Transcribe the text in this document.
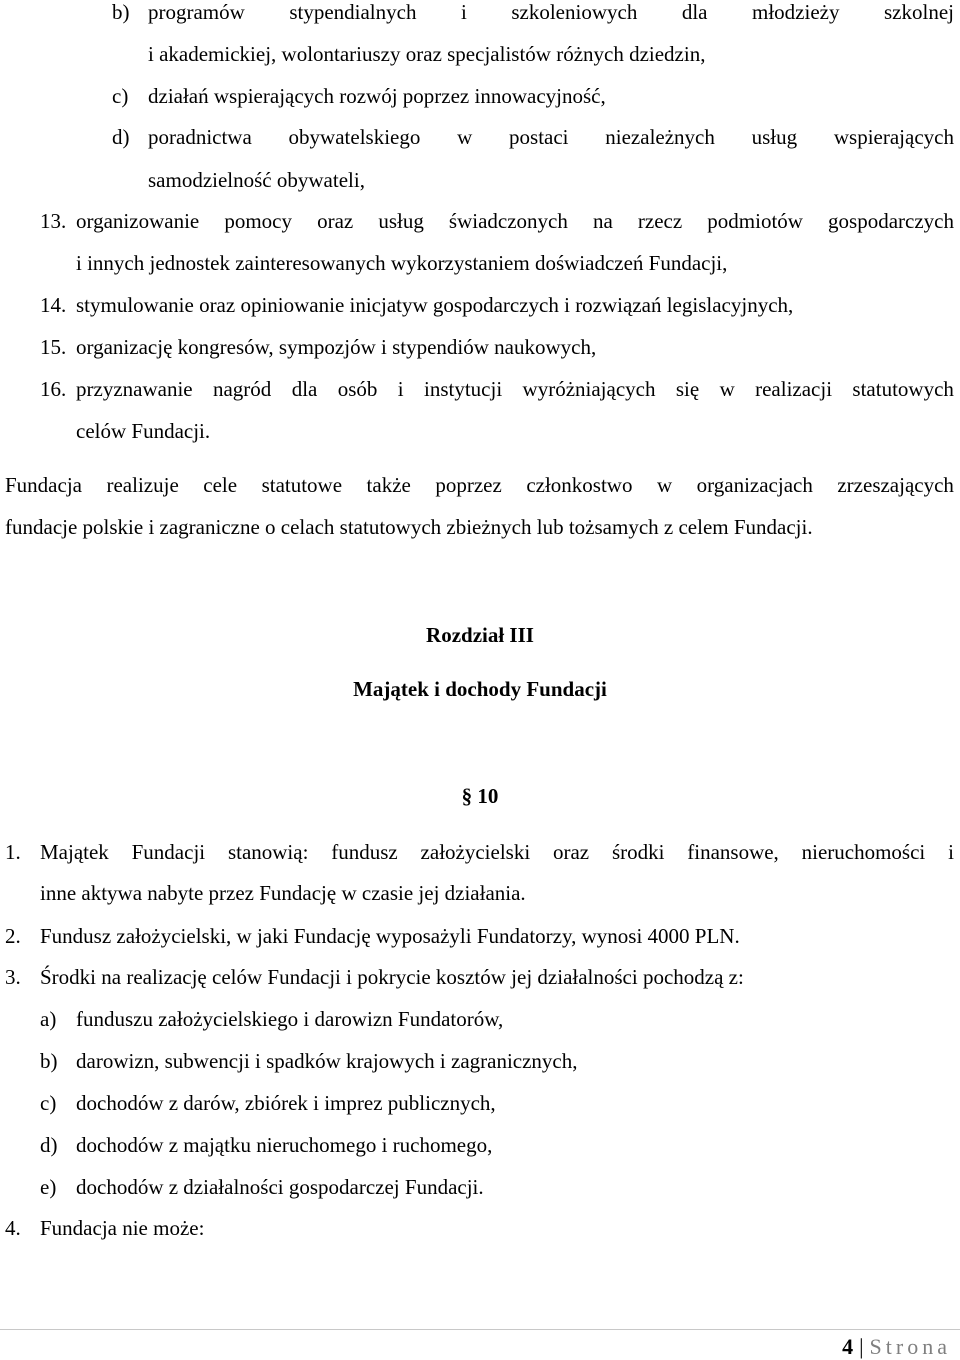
b) programów stypendialnych i szkoleniowych dla młodzieży szkolnej
i akademickiej, wolontariuszy oraz specjalistów różnych dziedzin,
c) działań wspierających rozwój poprzez innowacyjność,
d) poradnictwa obywatelskiego w postaci niezależnych usług wspierających
samodzielność obywateli,
13. organizowanie pomocy oraz usług świadczonych na rzecz podmiotów gospodarczych
i innych jednostek zainteresowanych wykorzystaniem doświadczeń Fundacji,
14. stymulowanie oraz opiniowanie inicjatyw gospodarczych i rozwiązań legislacyjnych,
15. organizację kongresów, sympozjów i stypendiów naukowych,
16. przyznawanie nagród dla osób i instytucji wyróżniających się w realizacji statutowych
celów Fundacji.
Fundacja realizuje cele statutowe także poprzez członkostwo w organizacjach zrzeszających
fundacje polskie i zagraniczne o celach statutowych zbieżnych lub tożsamych z celem Fundacji.
Rozdział III
Majątek i dochody Fundacji
§ 10
1. Majątek Fundacji stanowią: fundusz założycielski oraz środki finansowe, nieruchomości i
inne aktywa nabyte przez Fundację w czasie jej działania.
2. Fundusz założycielski, w jaki Fundację wyposażyli Fundatorzy, wynosi 4000 PLN.
3. Środki na realizację celów Fundacji i pokrycie kosztów jej działalności pochodzą z:
a) funduszu założycielskiego i darowizn Fundatorów,
b) darowizn, subwencji i spadków krajowych i zagranicznych,
c) dochodów z darów, zbiórek i imprez publicznych,
d) dochodów z majątku nieruchomego i ruchomego,
e) dochodów z działalności gospodarczej Fundacji.
4. Fundacja nie może:
4 | Strona
